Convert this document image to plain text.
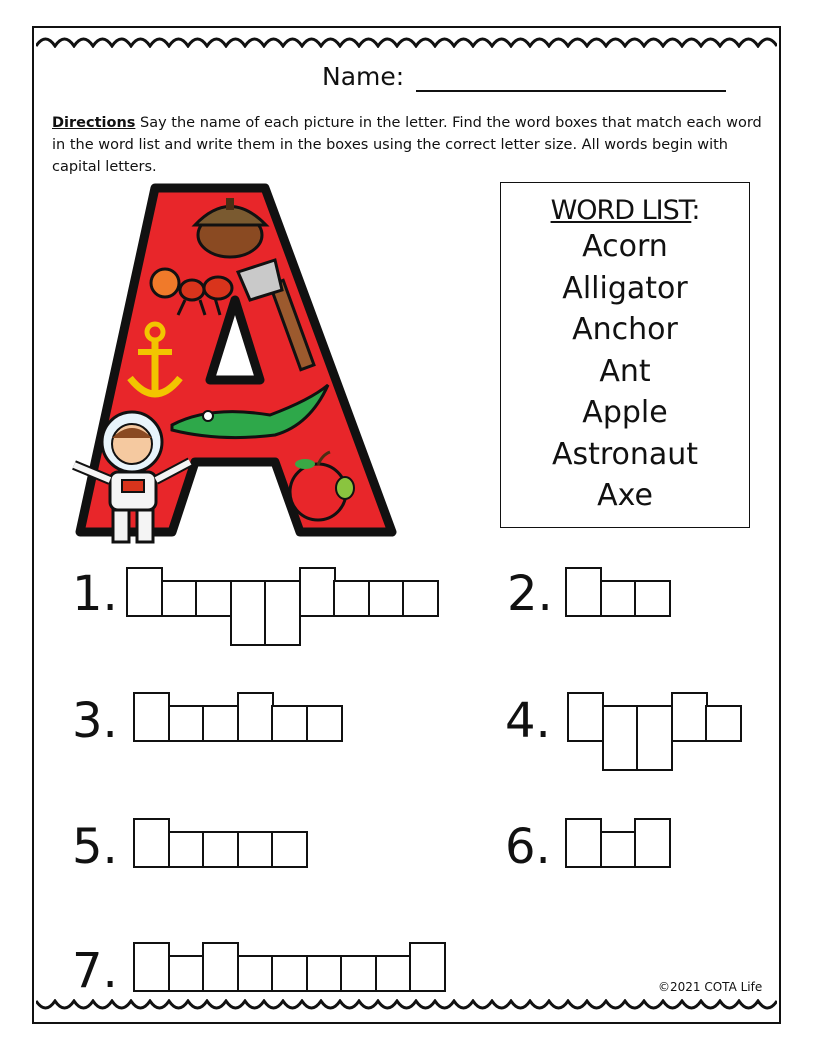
Name:
Directions Say the name of each picture in the letter. Find the word boxes that match each word in the word list and write them in the boxes using the correct letter size. All words begin with capital letters.
WORD LIST:
Acorn
Alligator
Anchor
Ant
Apple
Astronaut
Axe
1.	2.
3.	4.
5.	6.
7.	©2021 COTA Life
